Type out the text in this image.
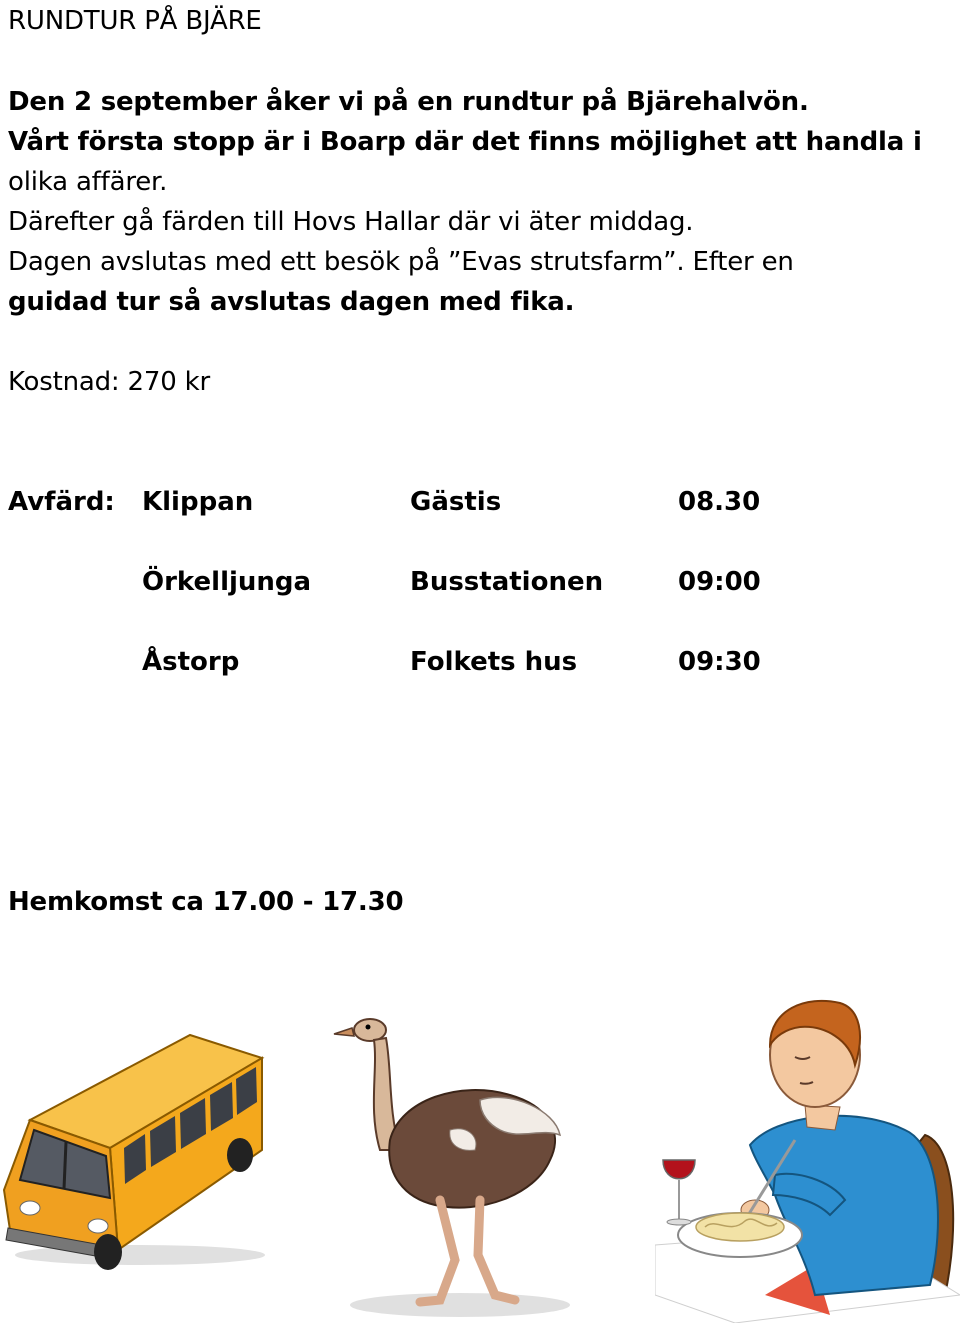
RUNDTUR PÅ BJÄRE
Den 2 september åker vi på en rundtur på Bjärehalvön.
Vårt första stopp är i Boarp där det finns möjlighet att handla i
olika affärer.
Därefter gå färden till Hovs Hallar där vi äter middag.
Dagen avslutas med ett besök på ”Evas strutsfarm”. Efter en
guidad tur så avslutas dagen med fika.
Kostnad: 270 kr
Avfärd: Klippan	Gästis	08.30
Örkelljunga	Busstationen	09:00
Åstorp	Folkets hus	09:30
Hemkomst ca 17.00 - 17.30
